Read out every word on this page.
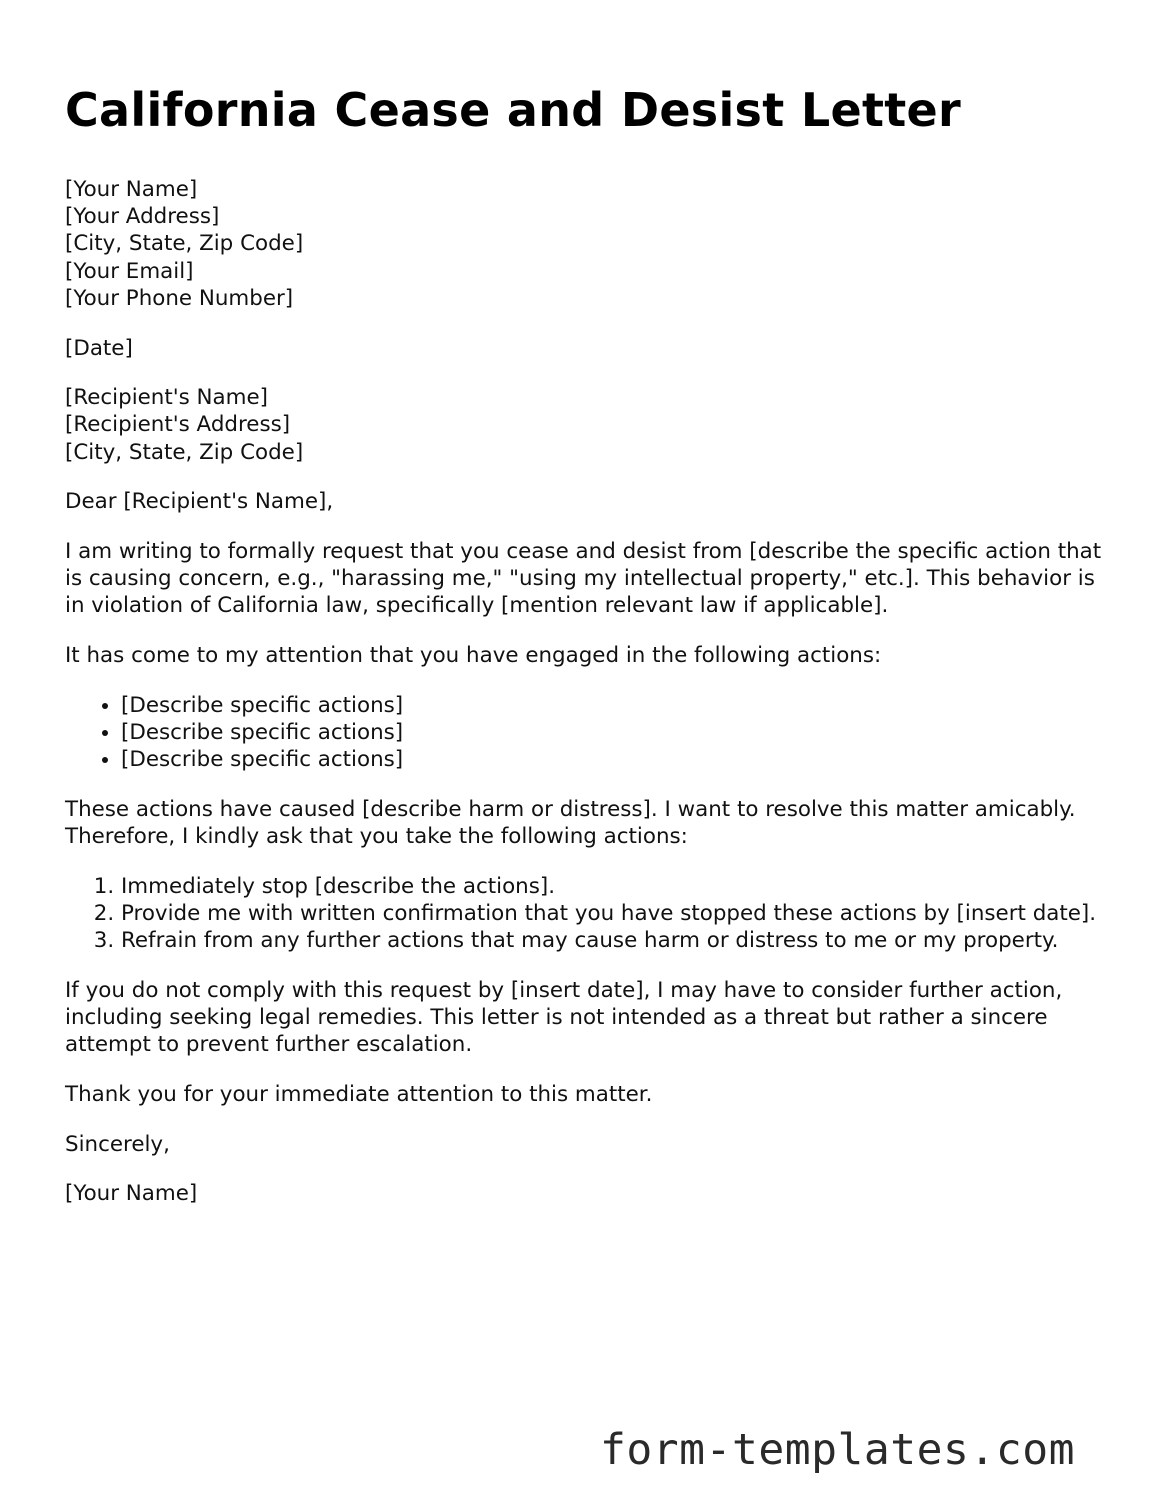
California Cease and Desist Letter

[Your Name]

[Your Address]

[City, State, Zip Code]

[Your Email]

[Your Phone Number]

[Date]

[Recipient's Name]

[Recipient's Address]

[City, State, Zip Code]

Dear [Recipient's Name],

I am writing to formally request that you cease and desist from [describe the specific action that is causing concern, e.g., "harassing me," "using my intellectual property," etc.]. This behavior is in violation of California law, specifically [mention relevant law if applicable].

It has come to my attention that you have engaged in the following actions:

• [Describe specific actions]
• [Describe specific actions]
• [Describe specific actions]

These actions have caused [describe harm or distress]. I want to resolve this matter amicably. Therefore, I kindly ask that you take the following actions:

1. Immediately stop [describe the actions].
2. Provide me with written confirmation that you have stopped these actions by [insert date].
3. Refrain from any further actions that may cause harm or distress to me or my property.

If you do not comply with this request by [insert date], I may have to consider further action, including seeking legal remedies. This letter is not intended as a threat but rather a sincere attempt to prevent further escalation.

Thank you for your immediate attention to this matter.

Sincerely,

[Your Name]

form-templates.com
